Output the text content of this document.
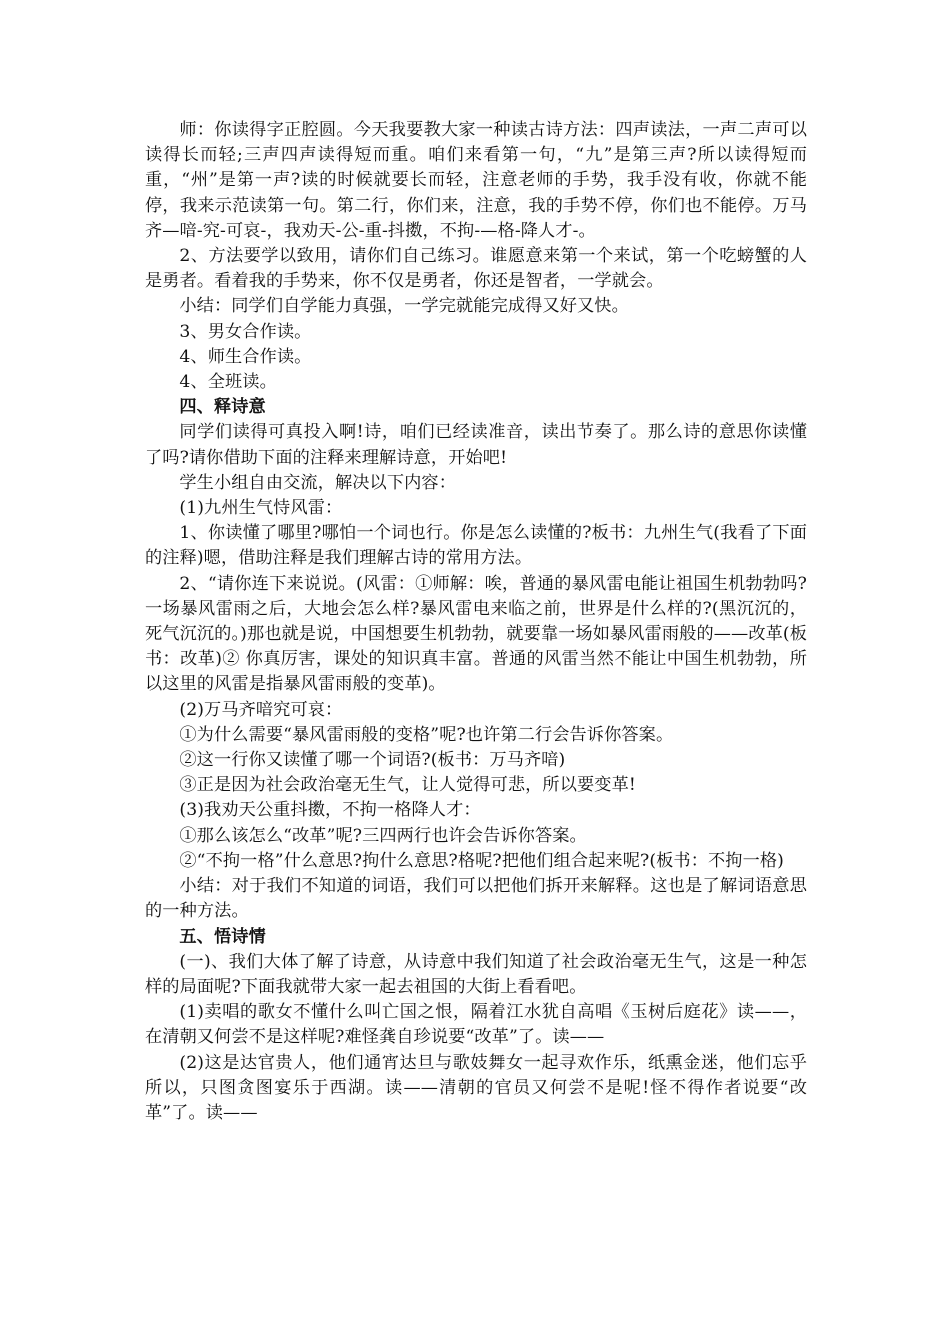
师：你读得字正腔圆。今天我要教大家一种读古诗方法：四声读法，一声二声可以读得长而轻;三声四声读得短而重。咱们来看第一句，“九”是第三声?所以读得短而重，“州”是第一声?读的时候就要长而轻，注意老师的手势，我手没有收，你就不能停，我来示范读第一句。第二行，你们来，注意，我的手势不停，你们也不能停。万马齐—喑-究-可哀-，我劝天-公-重-抖擞，不拘-—格-降人才-。

2、方法要学以致用，请你们自己练习。谁愿意来第一个来试，第一个吃螃蟹的人是勇者。看着我的手势来，你不仅是勇者，你还是智者，一学就会。

小结：同学们自学能力真强，一学完就能完成得又好又快。

3、男女合作读。

4、师生合作读。

4、全班读。

四、释诗意

同学们读得可真投入啊!诗，咱们已经读准音，读出节奏了。那么诗的意思你读懂了吗?请你借助下面的注释来理解诗意，开始吧!

学生小组自由交流，解决以下内容：

(1)九州生气恃风雷：

1、你读懂了哪里?哪怕一个词也行。你是怎么读懂的?板书：九州生气(我看了下面的注释)嗯，借助注释是我们理解古诗的常用方法。

2、“请你连下来说说。(风雷：①师解：唉，普通的暴风雷电能让祖国生机勃勃吗?一场暴风雷雨之后，大地会怎么样?暴风雷电来临之前，世界是什么样的?(黑沉沉的，死气沉沉的。)那也就是说，中国想要生机勃勃，就要靠一场如暴风雷雨般的——改革(板书：改革)② 你真厉害，课处的知识真丰富。普通的风雷当然不能让中国生机勃勃，所以这里的风雷是指暴风雷雨般的变革)。

(2)万马齐喑究可哀：

①为什么需要“暴风雷雨般的变格”呢?也许第二行会告诉你答案。

②这一行你又读懂了哪一个词语?(板书：万马齐喑)

③正是因为社会政治毫无生气，让人觉得可悲，所以要变革!

(3)我劝天公重抖擞，不拘一格降人才：

①那么该怎么“改革”呢?三四两行也许会告诉你答案。

②“不拘一格”什么意思?拘什么意思?格呢?把他们组合起来呢?(板书：不拘一格)

小结：对于我们不知道的词语，我们可以把他们拆开来解释。这也是了解词语意思的一种方法。

五、悟诗情

(一)、我们大体了解了诗意，从诗意中我们知道了社会政治毫无生气，这是一种怎样的局面呢?下面我就带大家一起去祖国的大街上看看吧。

(1)卖唱的歌女不懂什么叫亡国之恨，隔着江水犹自高唱《玉树后庭花》读——，在清朝又何尝不是这样呢?难怪龚自珍说要“改革”了。读——

(2)这是达官贵人，他们通宵达旦与歌妓舞女一起寻欢作乐，纸熏金迷，他们忘乎所以，只图贪图宴乐于西湖。读——清朝的官员又何尝不是呢!怪不得作者说要“改革”了。读——
